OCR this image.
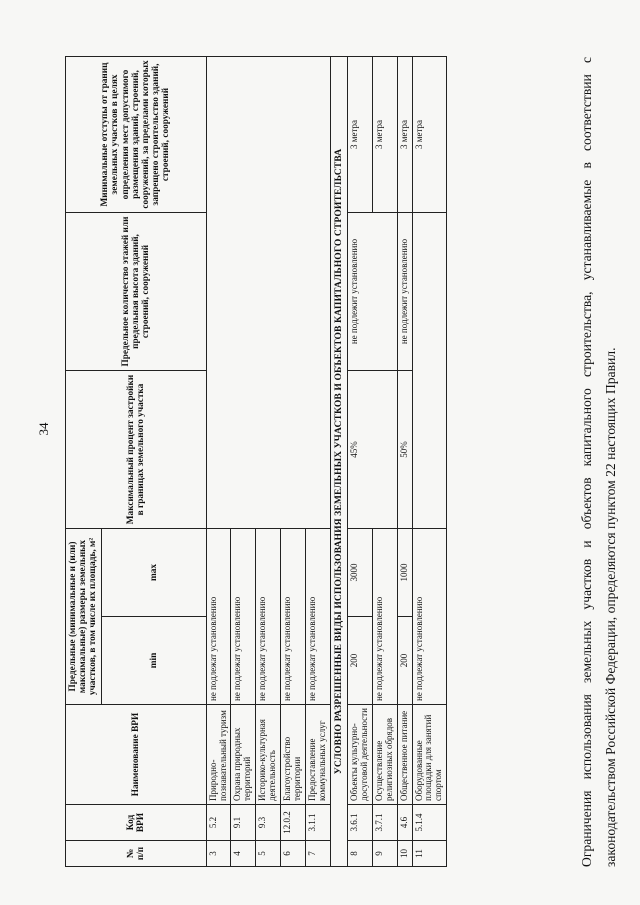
34
№ п/п	Код ВРИ	Наименование ВРИ	Предельные (минимальные и (или) максимальные) размеры земельных участков, в том числе их площадь, м²		Максимальный процент застройки в границах земельного участка	Предельное количество этажей или предельная высота зданий, строений, сооружений	Минимальные отступы от границ земельных участков в целях определения мест допустимого размещения зданий, строений, сооружений, за пределами которых запрещено строительство зданий, строений, сооружений
			min	max			
3	5.2	Природно-познавательный туризм	не подлежат установлению				
4	9.1	Охрана природных территорий	не подлежат установлению				
5	9.3	Историко-культурная деятельность	не подлежат установлению				
6	12.0.2	Благоустройство территории	не подлежат установлению				
7	3.1.1	Предоставление коммунальных услуг	не подлежат установлению				
УСЛОВНО РАЗРЕШЕННЫЕ ВИДЫ ИСПОЛЬЗОВАНИЯ ЗЕМЕЛЬНЫХ УЧАСТКОВ И ОБЪЕКТОВ КАПИТАЛЬНОГО СТРОИТЕЛЬСТВА							
8	3.6.1	Объекты культурно-досуговой деятельности	200	3000	45%	не подлежит установлению	3 метра
9	3.7.1	Осуществление религиозных обрядов	не подлежат установлению				3 метра
10	4.6	Общественное питание	200	1000	50%	не подлежит установлению	3 метра
11	5.1.4	Оборудованные площадки для занятий спортом	не подлежат установлению				3 метра	Ограничения использования земельных участков и объектов капитального строительства, устанавливаемые в соответствии с законодательством Российской Федерации, определяются пунктом 22 настоящих Правил.
